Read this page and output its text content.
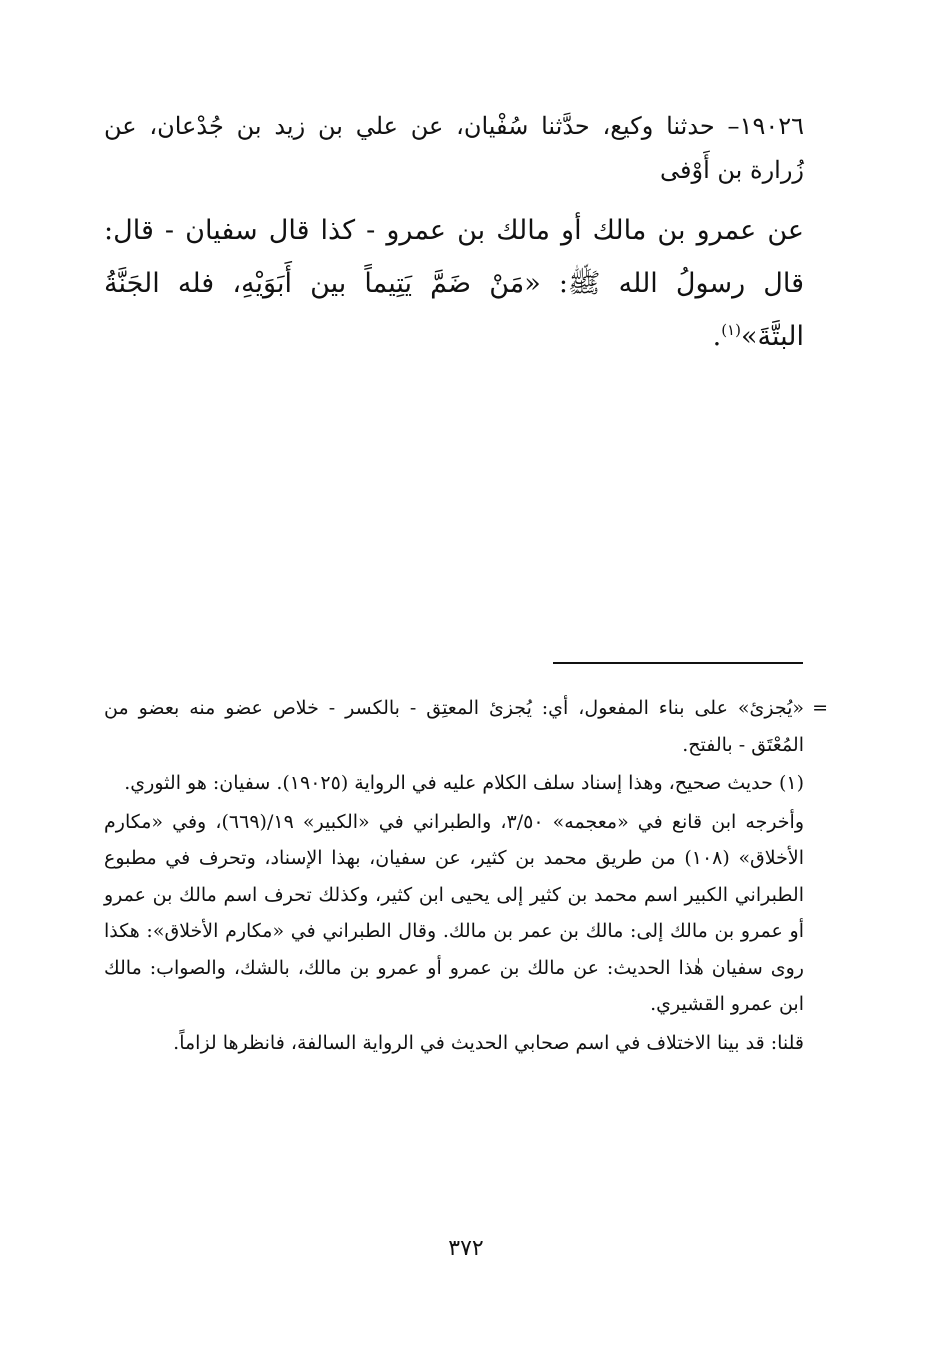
١٩٠٢٦– حدثنا وكيع، حدَّثنا سُفْيان، عن علي بن زيد بن جُدْعان، عن زُرارة بن أَوْفى
عن عمرو بن مالك أو مالك بن عمرو - كذا قال سفيان - قال: قال رسولُ الله ﷺ: «مَنْ ضَمَّ يَتِيماً بين أَبَوَيْهِ، فله الجَنَّةُ البتَّةَ»$^{(١)}$.

=
«يُجزئ» على بناء المفعول، أي: يُجزئ المعتِق - بالكسر - خلاص عضو منه بعضو من المُعْتَق - بالفتح.

(١) حديث صحيح، وهذا إسناد سلف الكلام عليه في الرواية (١٩٠٢٥). سفيان: هو الثوري.

وأخرجه ابن قانع في «معجمه» ٣/٥٠، والطبراني في «الكبير» ١٩/(٦٦٩)، وفي «مكارم الأخلاق» (١٠٨) من طريق محمد بن كثير، عن سفيان، بهذا الإسناد، وتحرف في مطبوع الطبراني الكبير اسم محمد بن كثير إلى يحيى ابن كثير، وكذلك تحرف اسم مالك بن عمرو أو عمرو بن مالك إلى: مالك بن عمر بن مالك. وقال الطبراني في «مكارم الأخلاق»: هكذا روى سفيان هٰذا الحديث: عن مالك بن عمرو أو عمرو بن مالك، بالشك، والصواب: مالك ابن عمرو القشيري.

قلنا: قد بينا الاختلاف في اسم صحابي الحديث في الرواية السالفة، فانظرها لزاماً.

٣٧٢
